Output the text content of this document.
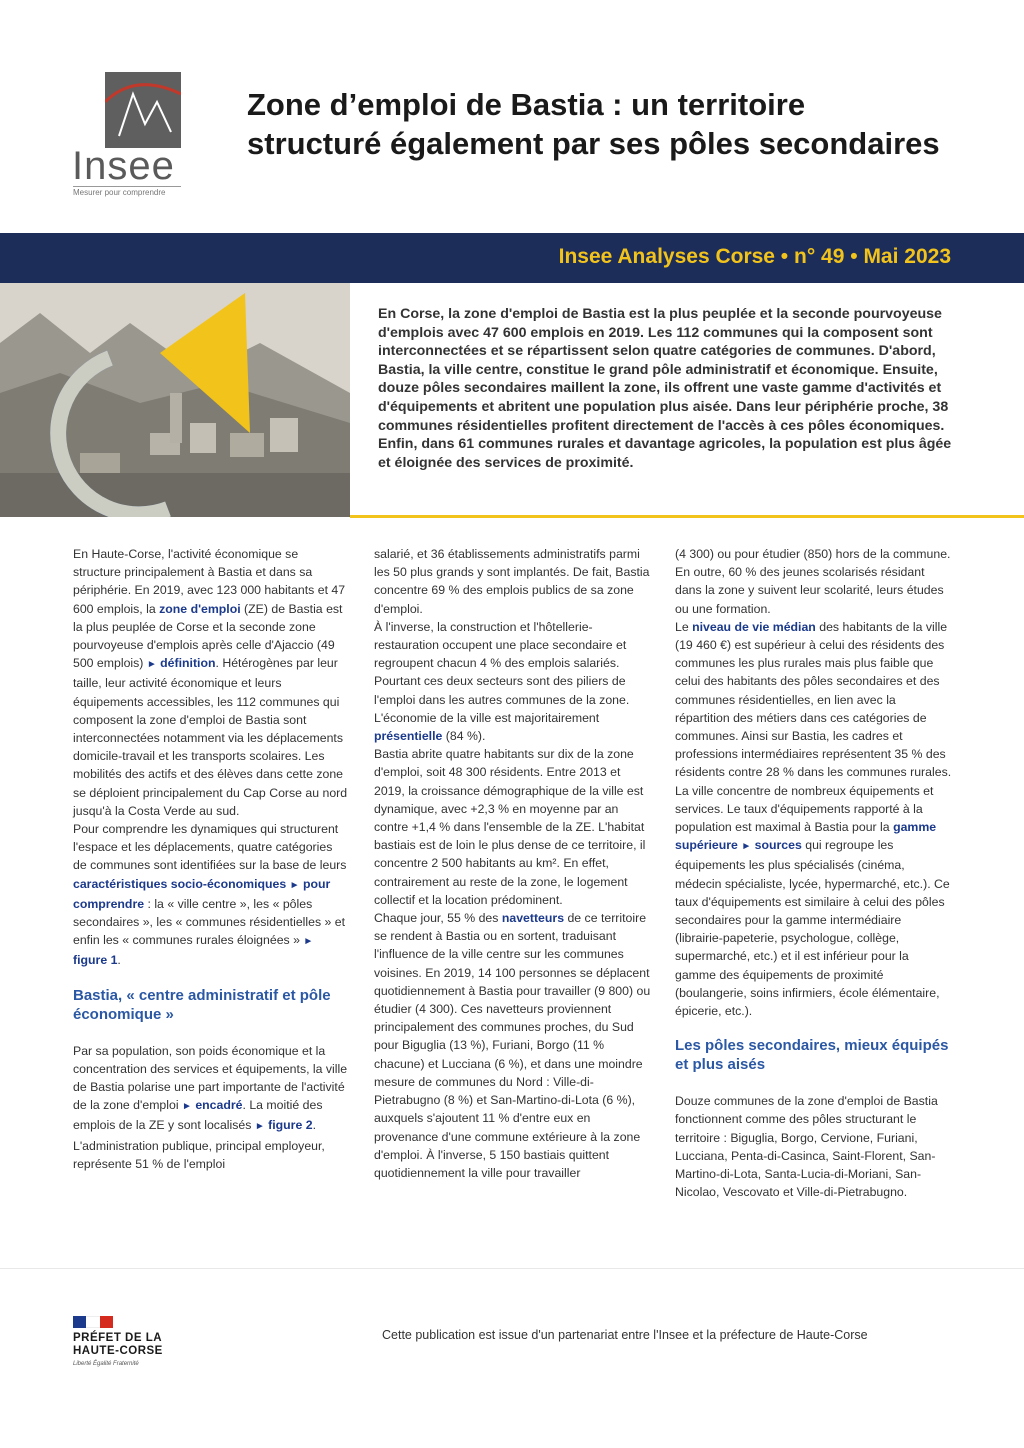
Insee
Mesurer pour comprendre
Zone d’emploi de Bastia : un territoire structuré également par ses pôles secondaires
Insee Analyses Corse • n° 49 • Mai 2023

En Corse, la zone d'emploi de Bastia est la plus peuplée et la seconde pourvoyeuse d'emplois avec 47 600 emplois en 2019. Les 112 communes qui la composent sont interconnectées et se répartissent selon quatre catégories de communes. D'abord, Bastia, la ville centre, constitue le grand pôle administratif et économique. Ensuite, douze pôles secondaires maillent la zone, ils offrent une vaste gamme d'activités et d'équipements et abritent une population plus aisée. Dans leur périphérie proche, 38 communes résidentielles profitent directement de l'accès à ces pôles économiques. Enfin, dans 61 communes rurales et davantage agricoles, la population est plus âgée et éloignée des services de proximité.

En Haute-Corse, l'activité économique se structure principalement à Bastia et dans sa périphérie. En 2019, avec 123 000 habitants et 47 600 emplois, la zone d'emploi (ZE) de Bastia est la plus peuplée de Corse et la seconde zone pourvoyeuse d'emplois après celle d'Ajaccio (49 500 emplois) ► définition. Hétérogènes par leur taille, leur activité économique et leurs équipements accessibles, les 112 communes qui composent la zone d'emploi de Bastia sont interconnectées notamment via les déplacements domicile-travail et les transports scolaires. Les mobilités des actifs et des élèves dans cette zone se déploient principalement du Cap Corse au nord jusqu'à la Costa Verde au sud.

Pour comprendre les dynamiques qui structurent l'espace et les déplacements, quatre catégories de communes sont identifiées sur la base de leurs caractéristiques socio-économiques ► pour comprendre : la « ville centre », les « pôles secondaires », les « communes résidentielles » et enfin les « communes rurales éloignées » ► figure 1.

Bastia, « centre administratif et pôle économique »

Par sa population, son poids économique et la concentration des services et équipements, la ville de Bastia polarise une part importante de l'activité de la zone d'emploi ► encadré. La moitié des emplois de la ZE y sont localisés ► figure 2. L'administration publique, principal employeur, représente 51 % de l'emploi

salarié, et 36 établissements administratifs parmi les 50 plus grands y sont implantés. De fait, Bastia concentre 69 % des emplois publics de sa zone d'emploi.

À l'inverse, la construction et l'hôtellerie-restauration occupent une place secondaire et regroupent chacun 4 % des emplois salariés. Pourtant ces deux secteurs sont des piliers de l'emploi dans les autres communes de la zone. L'économie de la ville est majoritairement présentielle (84 %).

Bastia abrite quatre habitants sur dix de la zone d'emploi, soit 48 300 résidents. Entre 2013 et 2019, la croissance démographique de la ville est dynamique, avec +2,3 % en moyenne par an contre +1,4 % dans l'ensemble de la ZE. L'habitat bastiais est de loin le plus dense de ce territoire, il concentre 2 500 habitants au km². En effet, contrairement au reste de la zone, le logement collectif et la location prédominent.

Chaque jour, 55 % des navetteurs de ce territoire se rendent à Bastia ou en sortent, traduisant l'influence de la ville centre sur les communes voisines. En 2019, 14 100 personnes se déplacent quotidiennement à Bastia pour travailler (9 800) ou étudier (4 300). Ces navetteurs proviennent principalement des communes proches, du Sud pour Biguglia (13 %), Furiani, Borgo (11 % chacune) et Lucciana (6 %), et dans une moindre mesure de communes du Nord : Ville-di-Pietrabugno (8 %) et San-Martino-di-Lota (6 %), auxquels s'ajoutent 11 % d'entre eux en provenance d'une commune extérieure à la zone d'emploi. À l'inverse, 5 150 bastiais quittent quotidiennement la ville pour travailler

(4 300) ou pour étudier (850) hors de la commune. En outre, 60 % des jeunes scolarisés résidant dans la zone y suivent leur scolarité, leurs études ou une formation.

Le niveau de vie médian des habitants de la ville (19 460 €) est supérieur à celui des résidents des communes les plus rurales mais plus faible que celui des habitants des pôles secondaires et des communes résidentielles, en lien avec la répartition des métiers dans ces catégories de communes. Ainsi sur Bastia, les cadres et professions intermédiaires représentent 35 % des résidents contre 28 % dans les communes rurales.

La ville concentre de nombreux équipements et services. Le taux d'équipements rapporté à la population est maximal à Bastia pour la gamme supérieure ► sources qui regroupe les équipements les plus spécialisés (cinéma, médecin spécialiste, lycée, hypermarché, etc.). Ce taux d'équipements est similaire à celui des pôles secondaires pour la gamme intermédiaire (librairie-papeterie, psychologue, collège, supermarché, etc.) et il est inférieur pour la gamme des équipements de proximité (boulangerie, soins infirmiers, école élémentaire, épicerie, etc.).

Les pôles secondaires, mieux équipés et plus aisés

Douze communes de la zone d'emploi de Bastia fonctionnent comme des pôles structurant le territoire : Biguglia, Borgo, Cervione, Furiani, Lucciana, Penta-di-Casinca, Saint-Florent, San-Martino-di-Lota, Santa-Lucia-di-Moriani, San-Nicolao, Vescovato et Ville-di-Pietrabugno.

PRÉFET DE LA HAUTE-CORSE
Liberté Égalité Fraternité
Cette publication est issue d'un partenariat entre l'Insee et la préfecture de Haute-Corse
